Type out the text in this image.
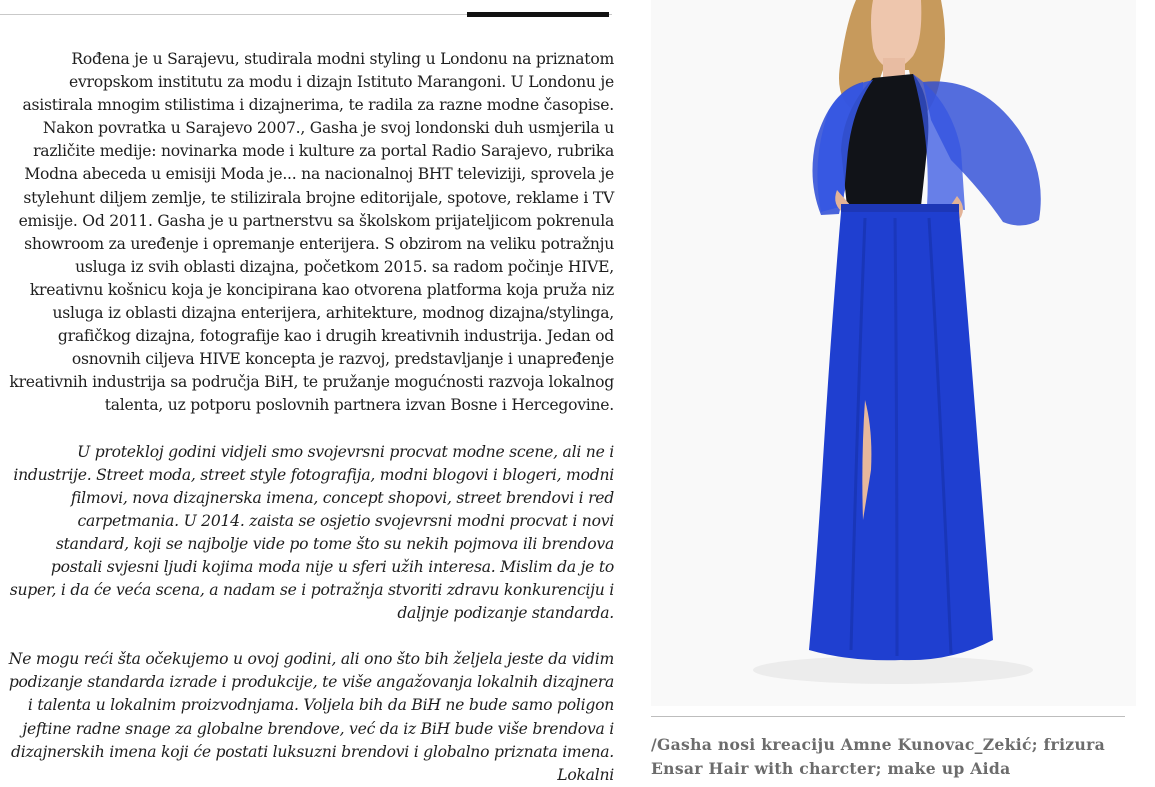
Rođena je u Sarajevu, studirala modni styling u Londonu na priznatom evropskom institutu za modu i dizajn Istituto Marangoni. U Londonu je asistirala mnogim stilistima i dizajnerima, te radila za razne modne časopise. Nakon povratka u Sarajevo 2007., Gasha je svoj londonski duh usmjerila u različite medije: novinarka mode i kulture za portal Radio Sarajevo, rubrika Modna abeceda u emisiji Moda je... na nacionalnoj BHT televiziji, sprovela je stylehunt diljem zemlje, te stilizirala brojne editorijale, spotove, reklame i TV emisije. Od 2011. Gasha je u partnerstvu sa školskom prijateljicom pokrenula showroom za uređenje i opremanje enterijera. S obzirom na veliku potražnju usluga iz svih oblasti dizajna, početkom 2015. sa radom počinje HIVE, kreativnu košnicu koja je koncipirana kao otvorena platforma koja pruža niz usluga iz oblasti dizajna enterijera, arhitekture, modnog dizajna/stylinga, grafičkog dizajna, fotografije kao i drugih kreativnih industrija. Jedan od osnovnih ciljeva HIVE koncepta je razvoj, predstavljanje i unapređenje kreativnih industrija sa područja BiH, te pružanje mogućnosti razvoja lokalnog talenta, uz potporu poslovnih partnera izvan Bosne i Hercegovine.

U protekloj godini vidjeli smo svojevrsni procvat modne scene, ali ne i industrije. Street moda, street style fotografija, modni blogovi i blogeri, modni filmovi, nova dizajnerska imena, concept shopovi, street brendovi i red carpetmania. U 2014. zaista se osjetio svojevrsni modni procvat i novi standard, koji se najbolje vide po tome što su nekih pojmova ili brendova postali svjesni ljudi kojima moda nije u sferi užih interesa. Mislim da je to super, i da će veća scena, a nadam se i potražnja stvoriti zdravu konkurenciju i daljnje podizanje standarda.

Ne mogu reći šta očekujemo u ovoj godini, ali ono što bih željela jeste da vidim podizanje standarda izrade i produkcije, te više angažovanja lokalnih dizajnera i talenta u lokalnim proizvodnjama. Voljela bih da BiH ne bude samo poligon jeftine radne snage za globalne brendove, već da iz BiH bude više brendova i dizajnerskih imena koji će postati luksuzni brendovi i globalno priznata imena. Lokalni

/Gasha nosi kreaciju Amne Kunovac_Zekić; frizura Ensar Hair with charcter; make up Aida
